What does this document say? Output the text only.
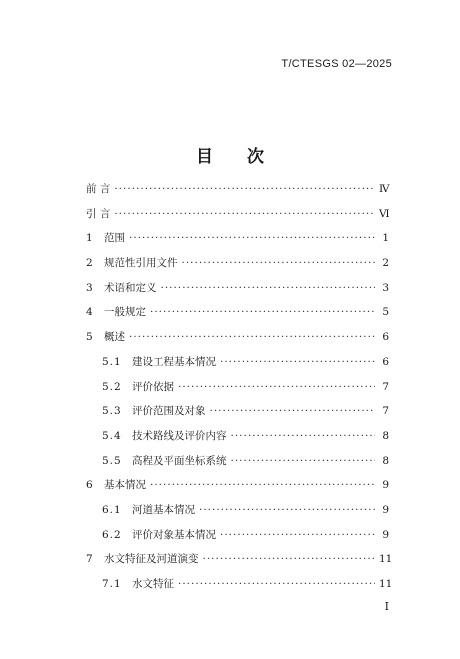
T/CTESGS 02—2025
目 次
前 言 ·····	Ⅳ
引 言 ·····	Ⅵ
1 范围 ·····	1
2 规范性引用文件 ·····	2
3 术语和定义 ·····	3
4 一般规定 ·····	5
5 概述 ·····	6
5.1 建设工程基本情况 ·····	6
5.2 评价依据 ·····	7
5.3 评价范围及对象 ·····	7
5.4 技术路线及评价内容 ·····	8
5.5 高程及平面坐标系统 ·····	8
6 基本情况 ·····	9
6.1 河道基本情况 ·····	9
6.2 评价对象基本情况 ·····	9
7 水文特征及河道演变 ·····	11
7.1 水文特征 ·····	11
Ⅰ
